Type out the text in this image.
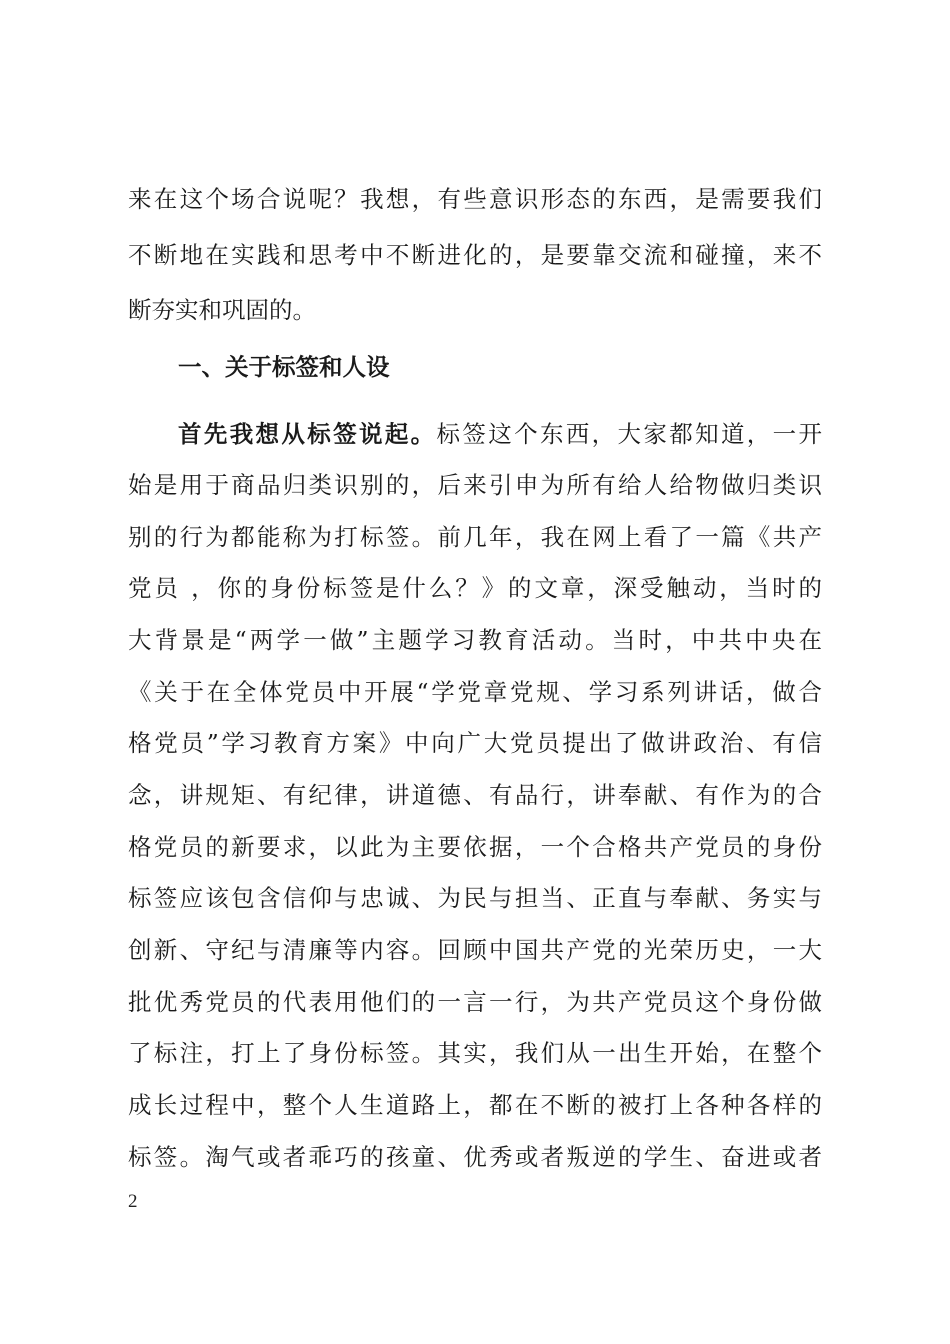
来在这个场合说呢？我想，有些意识形态的东西，是需要我们
不断地在实践和思考中不断进化的，是要靠交流和碰撞，来不
断夯实和巩固的。
一、关于标签和人设
首先我想从标签说起。标签这个东西，大家都知道，一开
始是用于商品归类识别的，后来引申为所有给人给物做归类识
别的行为都能称为打标签。前几年，我在网上看了一篇《共产
党员 ，你的身份标签是什么？》的文章，深受触动，当时的
大背景是“两学一做”主题学习教育活动。当时，中共中央在
《关于在全体党员中开展“学党章党规、学习系列讲话，做合
格党员”学习教育方案》中向广大党员提出了做讲政治、有信
念，讲规矩、有纪律，讲道德、有品行，讲奉献、有作为的合
格党员的新要求，以此为主要依据，一个合格共产党员的身份
标签应该包含信仰与忠诚、为民与担当、正直与奉献、务实与
创新、守纪与清廉等内容。回顾中国共产党的光荣历史，一大
批优秀党员的代表用他们的一言一行，为共产党员这个身份做
了标注，打上了身份标签。其实，我们从一出生开始，在整个
成长过程中，整个人生道路上，都在不断的被打上各种各样的
标签。淘气或者乖巧的孩童、优秀或者叛逆的学生、奋进或者
2
